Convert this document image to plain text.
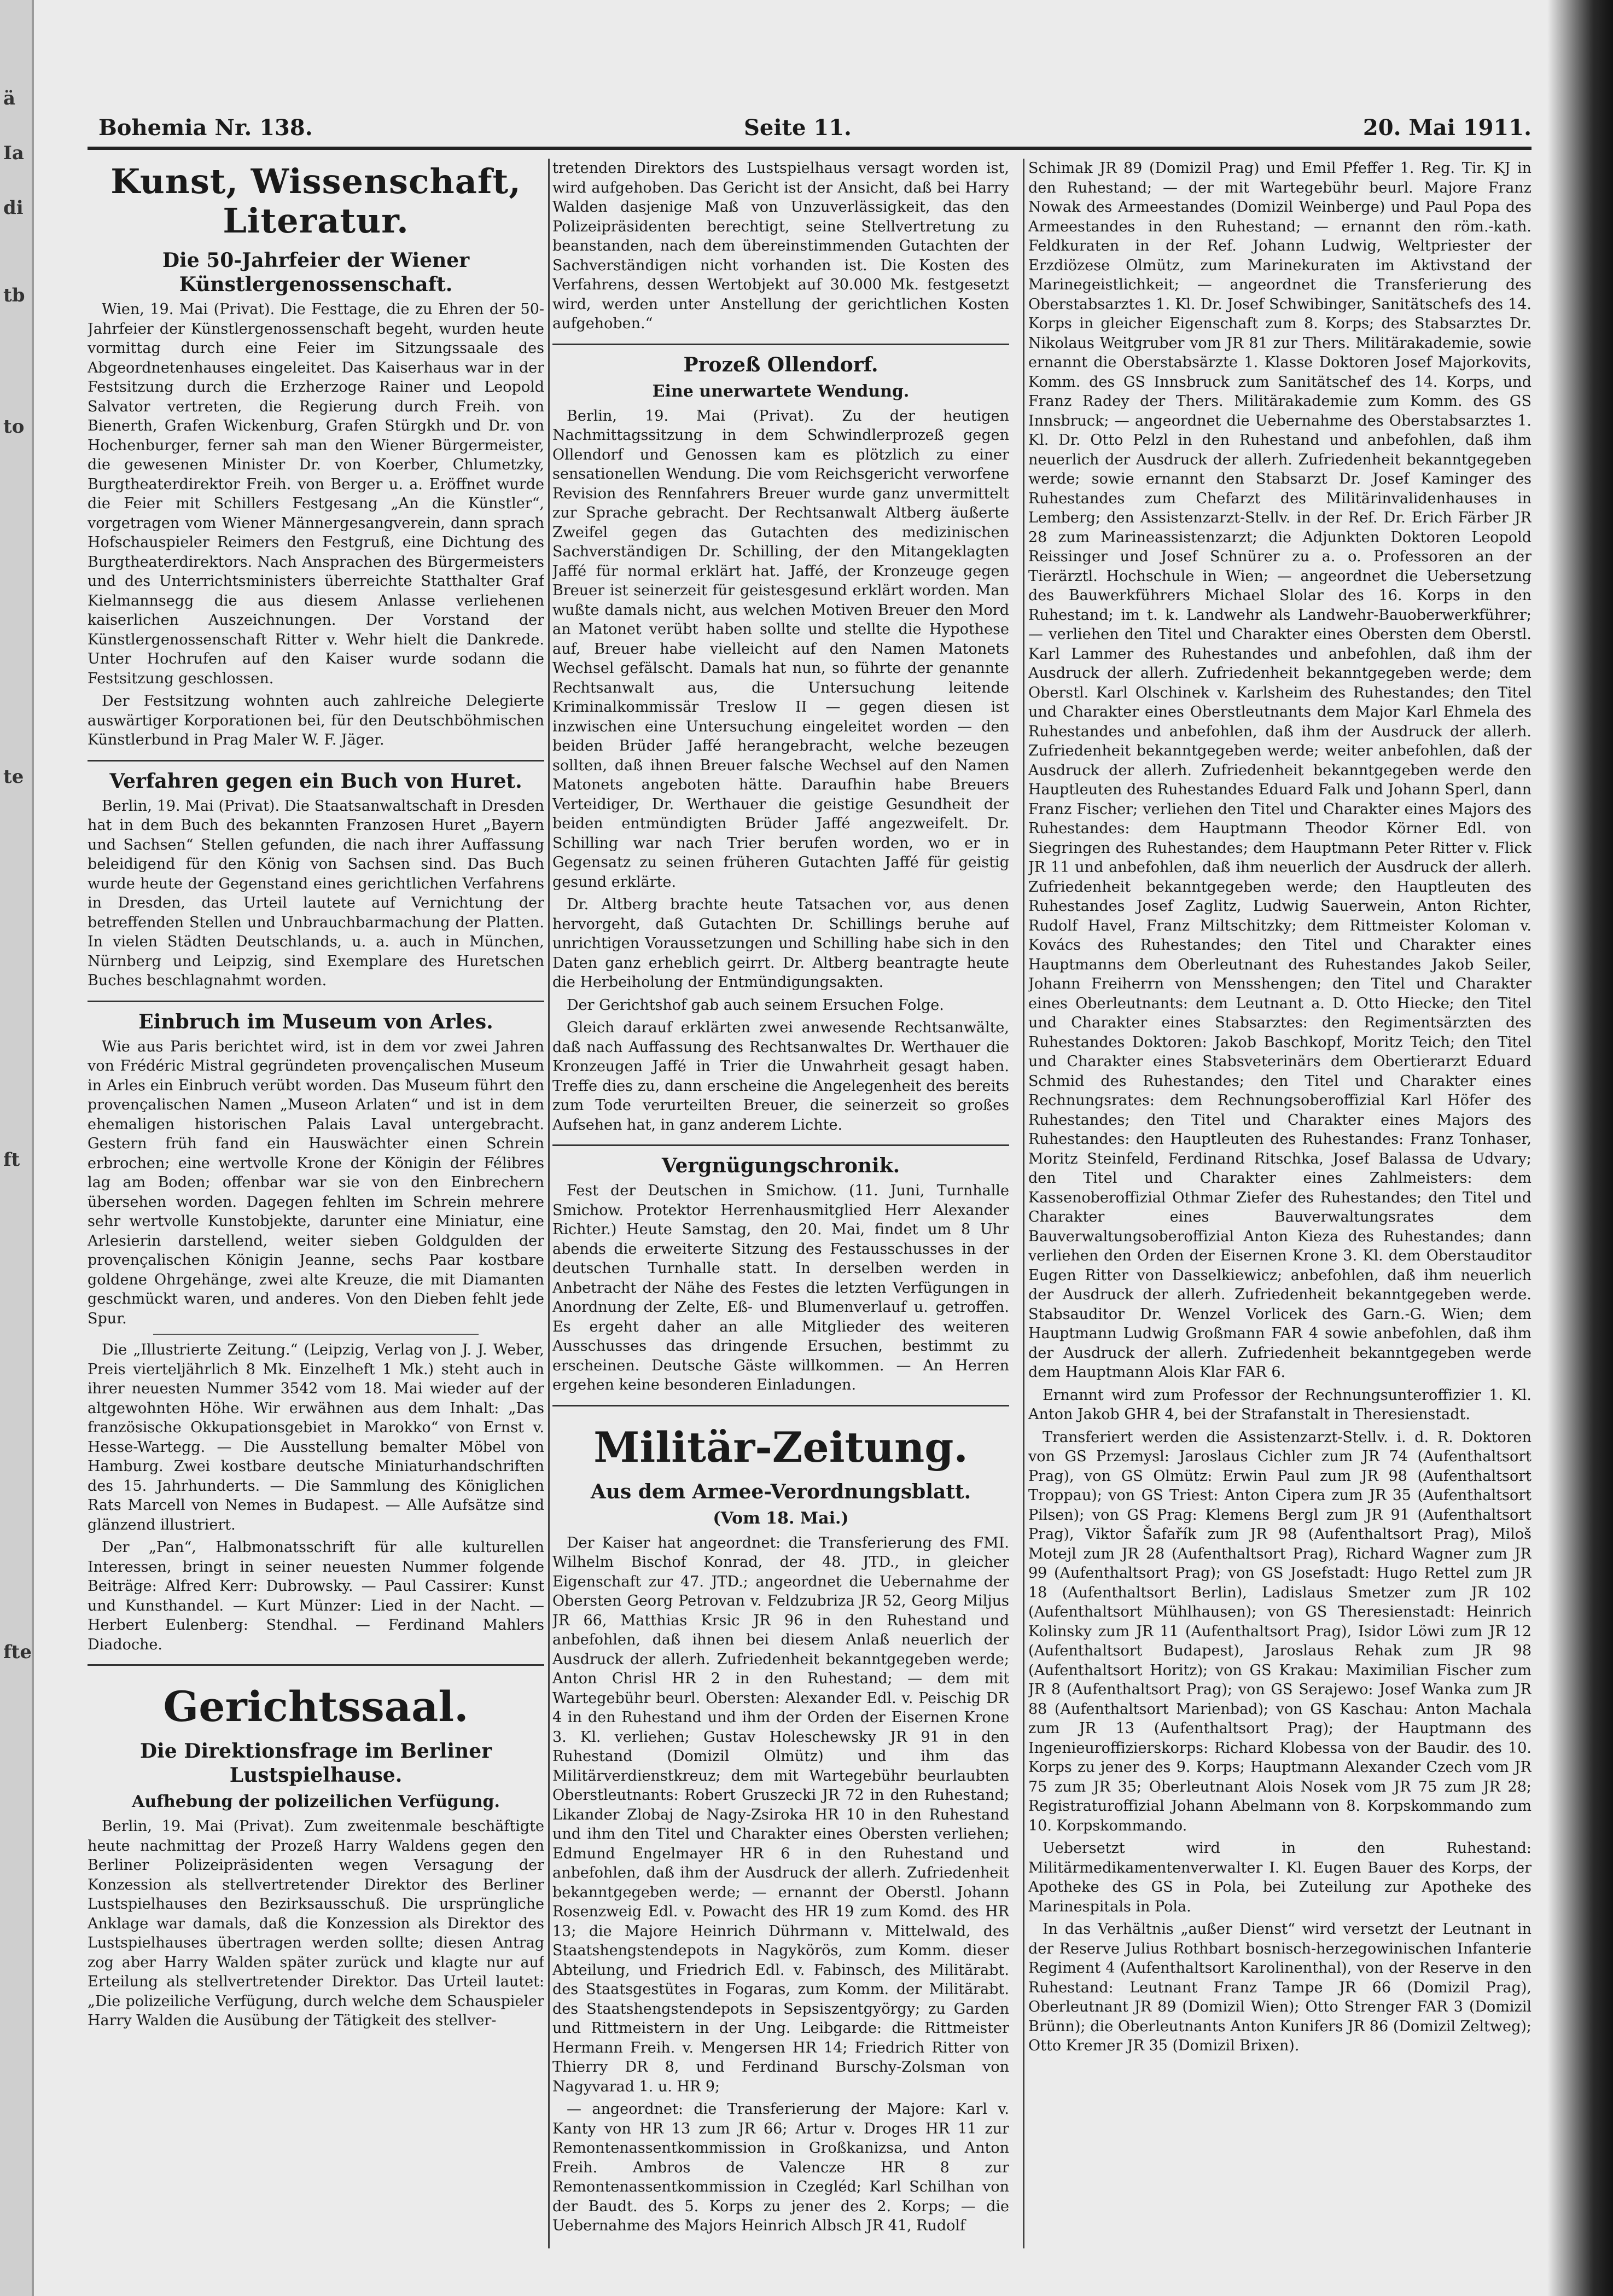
ä
Ia
di
tb
to
te
ft
fte
Bohemia Nr. 138.	Seite 11.	20. Mai 1911.
Kunst, Wissenschaft, Literatur.
Die 50-Jahrfeier der Wiener Künstlergenossenschaft.

Wien, 19. Mai (Privat). Die Festtage, die zu Ehren der 50-Jahrfeier der Künstlergenossenschaft begeht, wurden heute vormittag durch eine Feier im Sitzungssaale des Abgeordnetenhauses eingeleitet. Das Kaiserhaus war in der Festsitzung durch die Erzherzoge Rainer und Leopold Salvator vertreten, die Regierung durch Freih. von Bienerth, Grafen Wickenburg, Grafen Stürgkh und Dr. von Hochenburger, ferner sah man den Wiener Bürgermeister, die gewesenen Minister Dr. von Koerber, Chlumetzky, Burgtheaterdirektor Freih. von Berger u. a. Eröffnet wurde die Feier mit Schillers Festgesang „An die Künstler“, vorgetragen vom Wiener Männergesangverein, dann sprach Hofschauspieler Reimers den Festgruß, eine Dichtung des Burgtheaterdirektors. Nach Ansprachen des Bürgermeisters und des Unterrichtsministers überreichte Statthalter Graf Kielmannsegg die aus diesem Anlasse verliehenen kaiserlichen Auszeichnungen. Der Vorstand der Künstlergenossenschaft Ritter v. Wehr hielt die Dankrede. Unter Hochrufen auf den Kaiser wurde sodann die Festsitzung geschlossen.

Der Festsitzung wohnten auch zahlreiche Delegierte auswärtiger Korporationen bei, für den Deutschböhmischen Künstlerbund in Prag Maler W. F. Jäger.

Verfahren gegen ein Buch von Huret.

Berlin, 19. Mai (Privat). Die Staatsanwaltschaft in Dresden hat in dem Buch des bekannten Franzosen Huret „Bayern und Sachsen“ Stellen gefunden, die nach ihrer Auffassung beleidigend für den König von Sachsen sind. Das Buch wurde heute der Gegenstand eines gerichtlichen Verfahrens in Dresden, das Urteil lautete auf Vernichtung der betreffenden Stellen und Unbrauchbarmachung der Platten. In vielen Städten Deutschlands, u. a. auch in München, Nürnberg und Leipzig, sind Exemplare des Huretschen Buches beschlagnahmt worden.

Einbruch im Museum von Arles.

Wie aus Paris berichtet wird, ist in dem vor zwei Jahren von Frédéric Mistral gegründeten provençalischen Museum in Arles ein Einbruch verübt worden. Das Museum führt den provençalischen Namen „Museon Arlaten“ und ist in dem ehemaligen historischen Palais Laval untergebracht. Gestern früh fand ein Hauswächter einen Schrein erbrochen; eine wertvolle Krone der Königin der Félibres lag am Boden; offenbar war sie von den Einbrechern übersehen worden. Dagegen fehlten im Schrein mehrere sehr wertvolle Kunstobjekte, darunter eine Miniatur, eine Arlesierin darstellend, weiter sieben Goldgulden der provençalischen Königin Jeanne, sechs Paar kostbare goldene Ohrgehänge, zwei alte Kreuze, die mit Diamanten geschmückt waren, und anderes. Von den Dieben fehlt jede Spur.

Die „Illustrierte Zeitung.“ (Leipzig, Verlag von J. J. Weber, Preis vierteljährlich 8 Mk. Einzelheft 1 Mk.) steht auch in ihrer neuesten Nummer 3542 vom 18. Mai wieder auf der altgewohnten Höhe. Wir erwähnen aus dem Inhalt: „Das französische Okkupationsgebiet in Marokko“ von Ernst v. Hesse-Wartegg. — Die Ausstellung bemalter Möbel von Hamburg. Zwei kostbare deutsche Miniaturhandschriften des 15. Jahrhunderts. — Die Sammlung des Königlichen Rats Marcell von Nemes in Budapest. — Alle Aufsätze sind glänzend illustriert.

Der „Pan“, Halbmonatsschrift für alle kulturellen Interessen, bringt in seiner neuesten Nummer folgende Beiträge: Alfred Kerr: Dubrowsky. — Paul Cassirer: Kunst und Kunsthandel. — Kurt Münzer: Lied in der Nacht. — Herbert Eulenberg: Stendhal. — Ferdinand Mahlers Diadoche.

Gerichtssaal.
Die Direktionsfrage im Berliner Lustspielhause.
Aufhebung der polizeilichen Verfügung.

Berlin, 19. Mai (Privat). Zum zweitenmale beschäftigte heute nachmittag der Prozeß Harry Waldens gegen den Berliner Polizeipräsidenten wegen Versagung der Konzession als stellvertretender Direktor des Berliner Lustspielhauses den Bezirksausschuß. Die ursprüngliche Anklage war damals, daß die Konzession als Direktor des Lustspielhauses übertragen werden sollte; diesen Antrag zog aber Harry Walden später zurück und klagte nur auf Erteilung als stellvertretender Direktor. Das Urteil lautet: „Die polizeiliche Verfügung, durch welche dem Schauspieler Harry Walden die Ausübung der Tätigkeit des stellver-

tretenden Direktors des Lustspielhaus versagt worden ist, wird aufgehoben. Das Gericht ist der Ansicht, daß bei Harry Walden dasjenige Maß von Unzuverlässigkeit, das den Polizeipräsidenten berechtigt, seine Stellvertretung zu beanstanden, nach dem übereinstimmenden Gutachten der Sachverständigen nicht vorhanden ist. Die Kosten des Verfahrens, dessen Wertobjekt auf 30.000 Mk. festgesetzt wird, werden unter Anstellung der gerichtlichen Kosten aufgehoben.“

Prozeß Ollendorf.
Eine unerwartete Wendung.

Berlin, 19. Mai (Privat). Zu der heutigen Nachmittagssitzung in dem Schwindlerprozeß gegen Ollendorf und Genossen kam es plötzlich zu einer sensationellen Wendung. Die vom Reichsgericht verworfene Revision des Rennfahrers Breuer wurde ganz unvermittelt zur Sprache gebracht. Der Rechtsanwalt Altberg äußerte Zweifel gegen das Gutachten des medizinischen Sachverständigen Dr. Schilling, der den Mitangeklagten Jaffé für normal erklärt hat. Jaffé, der Kronzeuge gegen Breuer ist seinerzeit für geistesgesund erklärt worden. Man wußte damals nicht, aus welchen Motiven Breuer den Mord an Matonet verübt haben sollte und stellte die Hypothese auf, Breuer habe vielleicht auf den Namen Matonets Wechsel gefälscht. Damals hat nun, so führte der genannte Rechtsanwalt aus, die Untersuchung leitende Kriminalkommissär Treslow II — gegen diesen ist inzwischen eine Untersuchung eingeleitet worden — den beiden Brüder Jaffé herangebracht, welche bezeugen sollten, daß ihnen Breuer falsche Wechsel auf den Namen Matonets angeboten hätte. Daraufhin habe Breuers Verteidiger, Dr. Werthauer die geistige Gesundheit der beiden entmündigten Brüder Jaffé angezweifelt. Dr. Schilling war nach Trier berufen worden, wo er in Gegensatz zu seinen früheren Gutachten Jaffé für geistig gesund erklärte.

Dr. Altberg brachte heute Tatsachen vor, aus denen hervorgeht, daß Gutachten Dr. Schillings beruhe auf unrichtigen Voraussetzungen und Schilling habe sich in den Daten ganz erheblich geirrt. Dr. Altberg beantragte heute die Herbeiholung der Entmündigungsakten.

Der Gerichtshof gab auch seinem Ersuchen Folge.

Gleich darauf erklärten zwei anwesende Rechtsanwälte, daß nach Auffassung des Rechtsanwaltes Dr. Werthauer die Kronzeugen Jaffé in Trier die Unwahrheit gesagt haben. Treffe dies zu, dann erscheine die Angelegenheit des bereits zum Tode verurteilten Breuer, die seinerzeit so großes Aufsehen hat, in ganz anderem Lichte.

Vergnügungschronik.

Fest der Deutschen in Smichow. (11. Juni, Turnhalle Smichow. Protektor Herrenhausmitglied Herr Alexander Richter.) Heute Samstag, den 20. Mai, findet um 8 Uhr abends die erweiterte Sitzung des Festausschusses in der deutschen Turnhalle statt. In derselben werden in Anbetracht der Nähe des Festes die letzten Verfügungen in Anordnung der Zelte, Eß- und Blumenverlauf u. getroffen. Es ergeht daher an alle Mitglieder des weiteren Ausschusses das dringende Ersuchen, bestimmt zu erscheinen. Deutsche Gäste willkommen. — An Herren ergehen keine besonderen Einladungen.

Militär-Zeitung.
Aus dem Armee-Verordnungsblatt.
(Vom 18. Mai.)

Der Kaiser hat angeordnet: die Transferierung des FMI. Wilhelm Bischof Konrad, der 48. JTD., in gleicher Eigenschaft zur 47. JTD.; angeordnet die Uebernahme der Obersten Georg Petrovan v. Feldzubriza JR 52, Georg Miljus JR 66, Matthias Krsic JR 96 in den Ruhestand und anbefohlen, daß ihnen bei diesem Anlaß neuerlich der Ausdruck der allerh. Zufriedenheit bekanntgegeben werde; Anton Chrisl HR 2 in den Ruhestand; — dem mit Wartegebühr beurl. Obersten: Alexander Edl. v. Peischig DR 4 in den Ruhestand und ihm der Orden der Eisernen Krone 3. Kl. verliehen; Gustav Holeschewsky JR 91 in den Ruhestand (Domizil Olmütz) und ihm das Militärverdienstkreuz; dem mit Wartegebühr beurlaubten Oberstleutnants: Robert Gruszecki JR 72 in den Ruhestand; Likander Zlobaj de Nagy-Zsiroka HR 10 in den Ruhestand und ihm den Titel und Charakter eines Obersten verliehen; Edmund Engelmayer HR 6 in den Ruhestand und anbefohlen, daß ihm der Ausdruck der allerh. Zufriedenheit bekanntgegeben werde; — ernannt der Oberstl. Johann Rosenzweig Edl. v. Powacht des HR 19 zum Komd. des HR 13; die Majore Heinrich Dührmann v. Mittelwald, des Staatshengstendepots in Nagykörös, zum Komm. dieser Abteilung, und Friedrich Edl. v. Fabinsch, des Militärabt. des Staatsgestütes in Fogaras, zum Komm. der Militärabt. des Staatshengstendepots in Sepsiszentgyörgy; zu Garden und Rittmeistern in der Ung. Leibgarde: die Rittmeister Hermann Freih. v. Mengersen HR 14; Friedrich Ritter von Thierry DR 8, und Ferdinand Burschy-Zolsman von Nagyvarad 1. u. HR 9;

— angeordnet: die Transferierung der Majore: Karl v. Kanty von HR 13 zum JR 66; Artur v. Droges HR 11 zur Remontenassentkommission in Großkanizsa, und Anton Freih. Ambros de Valencze HR 8 zur Remontenassentkommission in Czegléd; Karl Schilhan von der Baudt. des 5. Korps zu jener des 2. Korps; — die Uebernahme des Majors Heinrich Albsch JR 41, Rudolf

Schimak JR 89 (Domizil Prag) und Emil Pfeffer 1. Reg. Tir. KJ in den Ruhestand; — der mit Wartegebühr beurl. Majore Franz Nowak des Armeestandes (Domizil Weinberge) und Paul Popa des Armeestandes in den Ruhestand; — ernannt den röm.-kath. Feldkuraten in der Ref. Johann Ludwig, Weltpriester der Erzdiözese Olmütz, zum Marinekuraten im Aktivstand der Marinegeistlichkeit; — angeordnet die Transferierung des Oberstabsarztes 1. Kl. Dr. Josef Schwibinger, Sanitätschefs des 14. Korps in gleicher Eigenschaft zum 8. Korps; des Stabsarztes Dr. Nikolaus Weitgruber vom JR 81 zur Thers. Militärakademie, sowie ernannt die Oberstabsärzte 1. Klasse Doktoren Josef Majorkovits, Komm. des GS Innsbruck zum Sanitätschef des 14. Korps, und Franz Radey der Thers. Militärakademie zum Komm. des GS Innsbruck; — angeordnet die Uebernahme des Oberstabsarztes 1. Kl. Dr. Otto Pelzl in den Ruhestand und anbefohlen, daß ihm neuerlich der Ausdruck der allerh. Zufriedenheit bekanntgegeben werde; sowie ernannt den Stabsarzt Dr. Josef Kaminger des Ruhestandes zum Chefarzt des Militärinvalidenhauses in Lemberg; den Assistenzarzt-Stellv. in der Ref. Dr. Erich Färber JR 28 zum Marineassistenzarzt; die Adjunkten Doktoren Leopold Reissinger und Josef Schnürer zu a. o. Professoren an der Tierärztl. Hochschule in Wien; — angeordnet die Uebersetzung des Bauwerkführers Michael Slolar des 16. Korps in den Ruhestand; im t. k. Landwehr als Landwehr-Bauoberwerkführer; — verliehen den Titel und Charakter eines Obersten dem Oberstl. Karl Lammer des Ruhestandes und anbefohlen, daß ihm der Ausdruck der allerh. Zufriedenheit bekanntgegeben werde; dem Oberstl. Karl Olschinek v. Karlsheim des Ruhestandes; den Titel und Charakter eines Oberstleutnants dem Major Karl Ehmela des Ruhestandes und anbefohlen, daß ihm der Ausdruck der allerh. Zufriedenheit bekanntgegeben werde; weiter anbefohlen, daß der Ausdruck der allerh. Zufriedenheit bekanntgegeben werde den Hauptleuten des Ruhestandes Eduard Falk und Johann Sperl, dann Franz Fischer; verliehen den Titel und Charakter eines Majors des Ruhestandes: dem Hauptmann Theodor Körner Edl. von Siegringen des Ruhestandes; dem Hauptmann Peter Ritter v. Flick JR 11 und anbefohlen, daß ihm neuerlich der Ausdruck der allerh. Zufriedenheit bekanntgegeben werde; den Hauptleuten des Ruhestandes Josef Zaglitz, Ludwig Sauerwein, Anton Richter, Rudolf Havel, Franz Miltschitzky; dem Rittmeister Koloman v. Kovács des Ruhestandes; den Titel und Charakter eines Hauptmanns dem Oberleutnant des Ruhestandes Jakob Seiler, Johann Freiherrn von Mensshengen; den Titel und Charakter eines Oberleutnants: dem Leutnant a. D. Otto Hiecke; den Titel und Charakter eines Stabsarztes: den Regimentsärzten des Ruhestandes Doktoren: Jakob Baschkopf, Moritz Teich; den Titel und Charakter eines Stabsveterinärs dem Obertierarzt Eduard Schmid des Ruhestandes; den Titel und Charakter eines Rechnungsrates: dem Rechnungsoberoffizial Karl Höfer des Ruhestandes; den Titel und Charakter eines Majors des Ruhestandes: den Hauptleuten des Ruhestandes: Franz Tonhaser, Moritz Steinfeld, Ferdinand Ritschka, Josef Balassa de Udvary; den Titel und Charakter eines Zahlmeisters: dem Kassenoberoffizial Othmar Ziefer des Ruhestandes; den Titel und Charakter eines Bauverwaltungsrates dem Bauverwaltungsoberoffizial Anton Kieza des Ruhestandes; dann verliehen den Orden der Eisernen Krone 3. Kl. dem Oberstauditor Eugen Ritter von Dasselkiewicz; anbefohlen, daß ihm neuerlich der Ausdruck der allerh. Zufriedenheit bekanntgegeben werde. Stabsauditor Dr. Wenzel Vorlicek des Garn.-G. Wien; dem Hauptmann Ludwig Großmann FAR 4 sowie anbefohlen, daß ihm der Ausdruck der allerh. Zufriedenheit bekanntgegeben werde dem Hauptmann Alois Klar FAR 6.

Ernannt wird zum Professor der Rechnungsunteroffizier 1. Kl. Anton Jakob GHR 4, bei der Strafanstalt in Theresienstadt.

Transferiert werden die Assistenzarzt-Stellv. i. d. R. Doktoren von GS Przemysl: Jaroslaus Cichler zum JR 74 (Aufenthaltsort Prag), von GS Olmütz: Erwin Paul zum JR 98 (Aufenthaltsort Troppau); von GS Triest: Anton Cipera zum JR 35 (Aufenthaltsort Pilsen); von GS Prag: Klemens Bergl zum JR 91 (Aufenthaltsort Prag), Viktor Šafařík zum JR 98 (Aufenthaltsort Prag), Miloš Motejl zum JR 28 (Aufenthaltsort Prag), Richard Wagner zum JR 99 (Aufenthaltsort Prag); von GS Josefstadt: Hugo Rettel zum JR 18 (Aufenthaltsort Berlin), Ladislaus Smetzer zum JR 102 (Aufenthaltsort Mühlhausen); von GS Theresienstadt: Heinrich Kolinsky zum JR 11 (Aufenthaltsort Prag), Isidor Löwi zum JR 12 (Aufenthaltsort Budapest), Jaroslaus Rehak zum JR 98 (Aufenthaltsort Horitz); von GS Krakau: Maximilian Fischer zum JR 8 (Aufenthaltsort Prag); von GS Serajewo: Josef Wanka zum JR 88 (Aufenthaltsort Marienbad); von GS Kaschau: Anton Machala zum JR 13 (Aufenthaltsort Prag); der Hauptmann des Ingenieuroffizierskorps: Richard Klobessa von der Baudir. des 10. Korps zu jener des 9. Korps; Hauptmann Alexander Czech vom JR 75 zum JR 35; Oberleutnant Alois Nosek vom JR 75 zum JR 28; Registraturoffizial Johann Abelmann von 8. Korpskommando zum 10. Korpskommando.

Uebersetzt wird in den Ruhestand: Militärmedikamentenverwalter I. Kl. Eugen Bauer des Korps, der Apotheke des GS in Pola, bei Zuteilung zur Apotheke des Marinespitals in Pola.

In das Verhältnis „außer Dienst“ wird versetzt der Leutnant in der Reserve Julius Rothbart bosnisch-herzegowinischen Infanterie Regiment 4 (Aufenthaltsort Karolinenthal), von der Reserve in den Ruhestand: Leutnant Franz Tampe JR 66 (Domizil Prag), Oberleutnant JR 89 (Domizil Wien); Otto Strenger FAR 3 (Domizil Brünn); die Oberleutnants Anton Kunifers JR 86 (Domizil Zeltweg); Otto Kremer JR 35 (Domizil Brixen).
